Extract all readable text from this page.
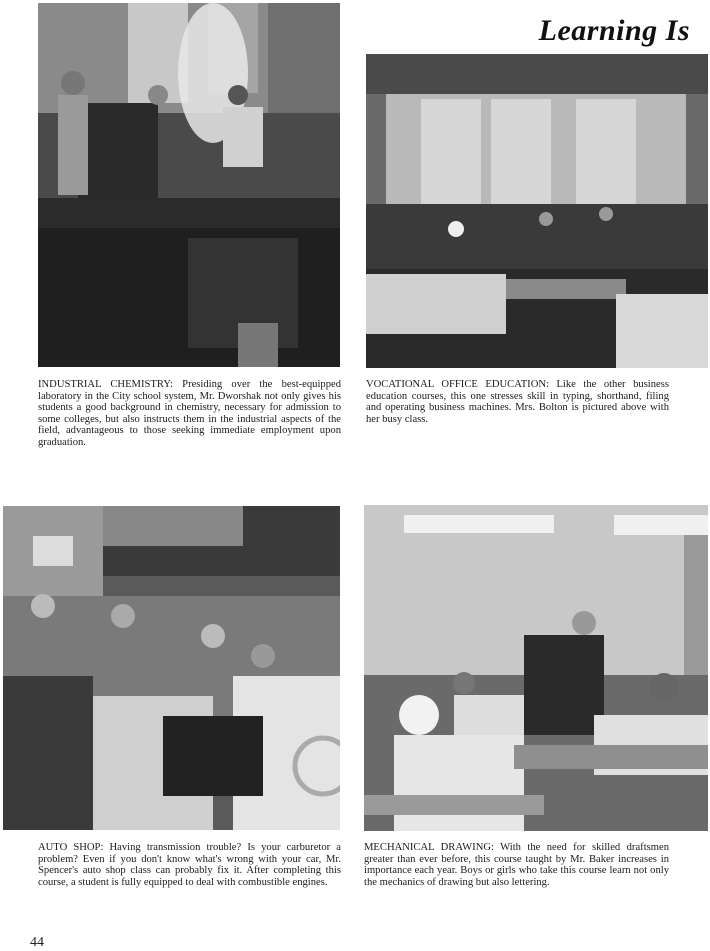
Learning Is

INDUSTRIAL CHEMISTRY: Presiding over the best-equipped laboratory in the City school system, Mr. Dworshak not only gives his students a good background in chemistry, necessary for admission to some colleges, but also instructs them in the industrial aspects of the field, advantageous to those seeking immediate employment upon graduation.

VOCATIONAL OFFICE EDUCATION: Like the other business education courses, this one stresses skill in typing, shorthand, filing and operating business machines. Mrs. Bolton is pictured above with her busy class.

AUTO SHOP: Having transmission trouble? Is your carburetor a problem? Even if you don't know what's wrong with your car, Mr. Spencer's auto shop class can probably fix it. After completing this course, a student is fully equipped to deal with combustible engines.

MECHANICAL DRAWING: With the need for skilled draftsmen greater than ever before, this course taught by Mr. Baker increases in importance each year. Boys or girls who take this course learn not only the mechanics of drawing but also lettering.

44
